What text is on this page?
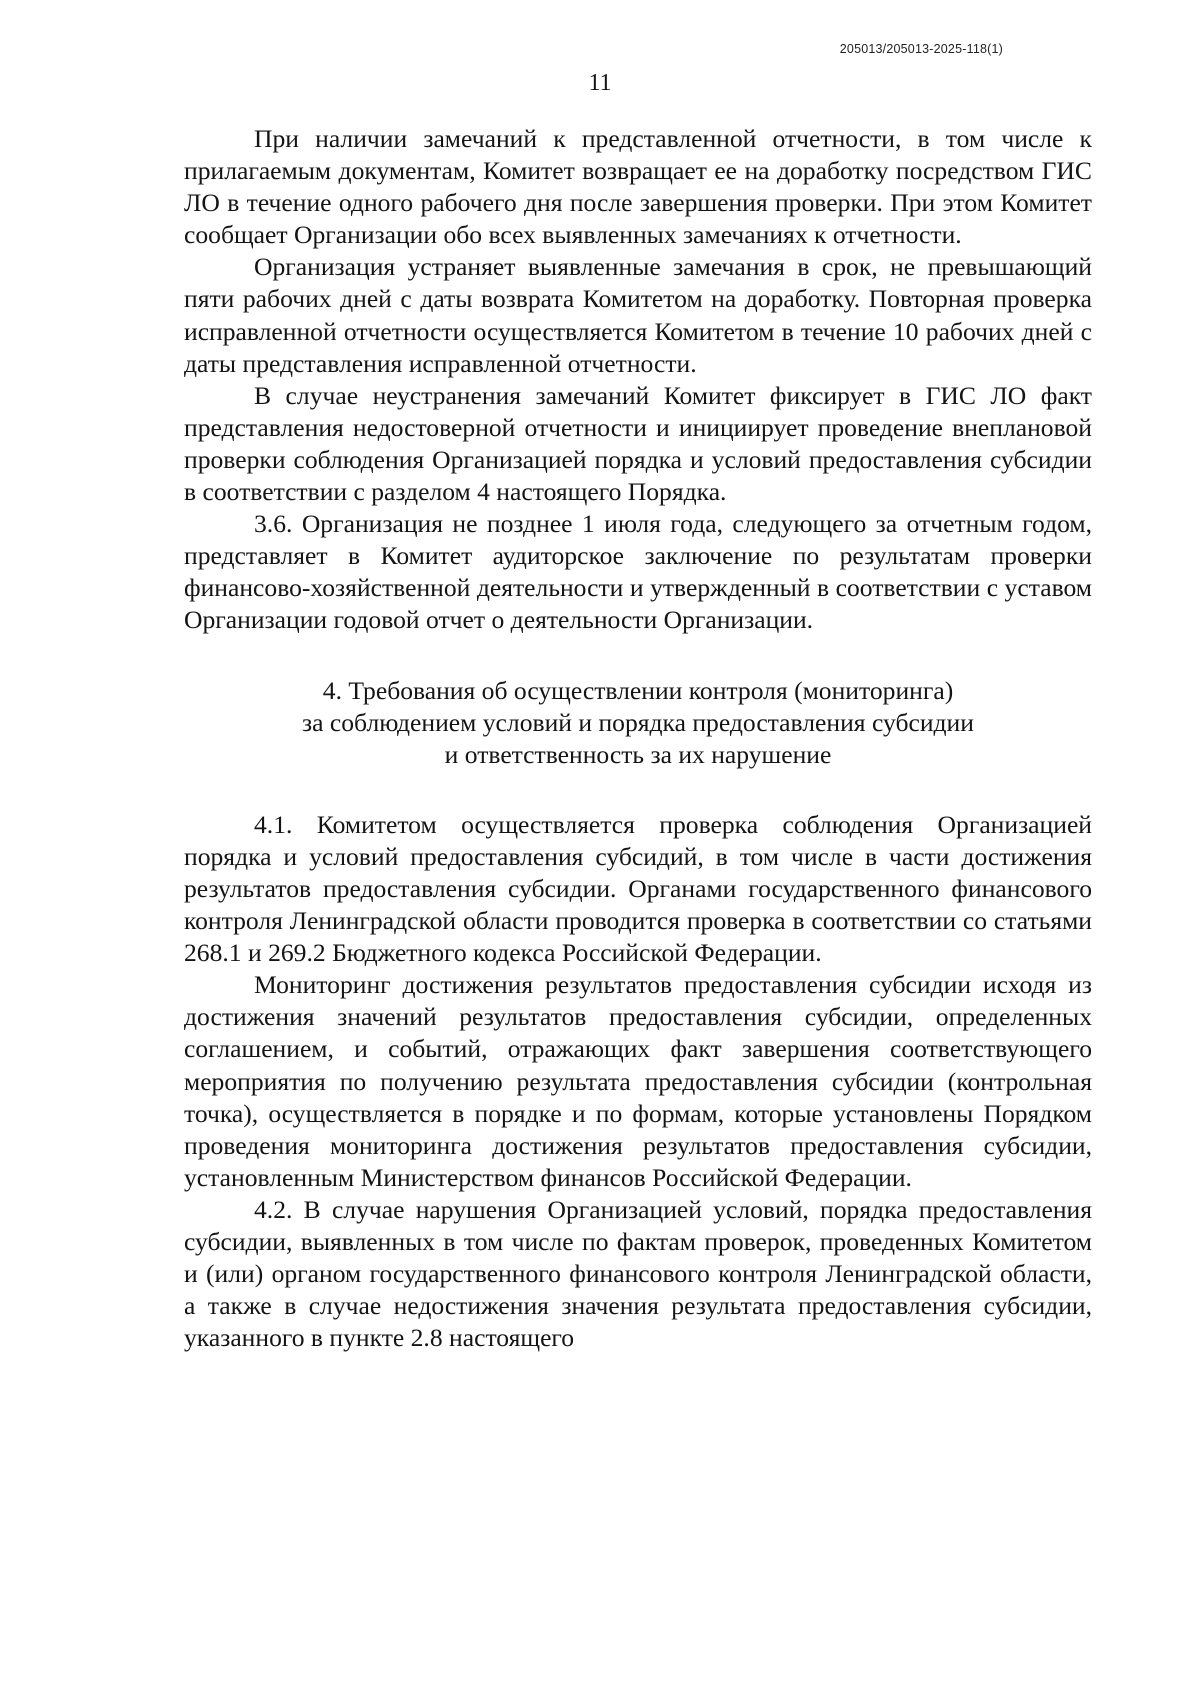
205013/205013-2025-118(1)
11

При наличии замечаний к представленной отчетности, в том числе к прилагаемым документам, Комитет возвращает ее на доработку посредством ГИС ЛО в течение одного рабочего дня после завершения проверки. При этом Комитет сообщает Организации обо всех выявленных замечаниях к отчетности.

Организация устраняет выявленные замечания в срок, не превышающий пяти рабочих дней с даты возврата Комитетом на доработку. Повторная проверка исправленной отчетности осуществляется Комитетом в течение 10 рабочих дней с даты представления исправленной отчетности.

В случае неустранения замечаний Комитет фиксирует в ГИС ЛО факт представления недостоверной отчетности и инициирует проведение внеплановой проверки соблюдения Организацией порядка и условий предоставления субсидии в соответствии с разделом 4 настоящего Порядка.

3.6. Организация не позднее 1 июля года, следующего за отчетным годом, представляет в Комитет аудиторское заключение по результатам проверки финансово-хозяйственной деятельности и утвержденный в соответствии с уставом Организации годовой отчет о деятельности Организации.

4. Требования об осуществлении контроля (мониторинга)
за соблюдением условий и порядка предоставления субсидии
и ответственность за их нарушение

4.1. Комитетом осуществляется проверка соблюдения Организацией порядка и условий предоставления субсидий, в том числе в части достижения результатов предоставления субсидии. Органами государственного финансового контроля Ленинградской области проводится проверка в соответствии со статьями 268.1 и 269.2 Бюджетного кодекса Российской Федерации.

Мониторинг достижения результатов предоставления субсидии исходя из достижения значений результатов предоставления субсидии, определенных соглашением, и событий, отражающих факт завершения соответствующего мероприятия по получению результата предоставления субсидии (контрольная точка), осуществляется в порядке и по формам, которые установлены Порядком проведения мониторинга достижения результатов предоставления субсидии, установленным Министерством финансов Российской Федерации.

4.2. В случае нарушения Организацией условий, порядка предоставления субсидии, выявленных в том числе по фактам проверок, проведенных Комитетом и (или) органом государственного финансового контроля Ленинградской области, а также в случае недостижения значения результата предоставления субсидии, указанного в пункте 2.8 настоящего
